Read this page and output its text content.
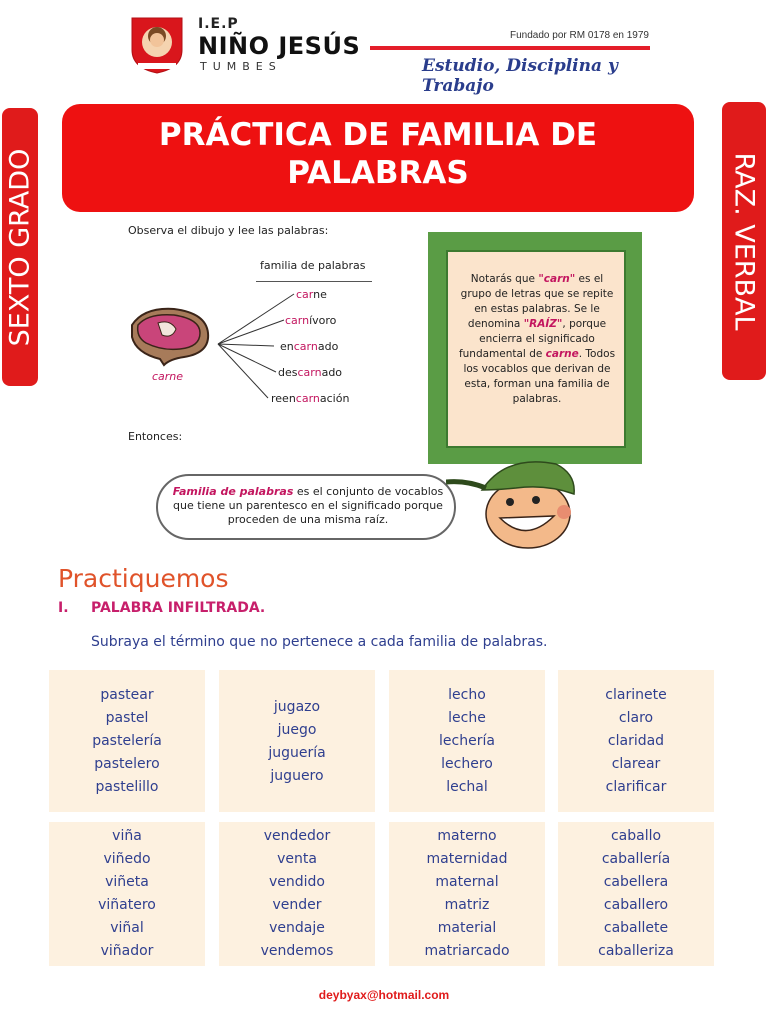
I.E.P
NIÑO JESÚS
TUMBES
Fundado por RM 0178 en 1979
Estudio, Disciplina y Trabajo
SEXTO GRADO	RAZ. VERBAL
PRÁCTICA DE FAMILIA DE
PALABRAS
Observa el dibujo y lee las palabras:
familia de palabras
carne
carne
carnívoro
encarnado
descarnado
reencarnación
Entonces:
Notarás que "carn" es el grupo de letras que se repite en estas palabras. Se le denomina "RAÍZ", porque encierra el significado fundamental de carne. Todos los vocablos que derivan de esta, forman una familia de palabras.
Familia de palabras es el conjunto de vocablos que tiene un parentesco en el significado porque proceden de una misma raíz.
Practiquemos
I. PALABRA INFILTRADA.
Subraya el término que no pertenece a cada familia de palabras.
pastear
pastel
pastelería
pastelero
pastelillo
jugazo
juego
juguería
juguero
lecho
leche
lechería
lechero
lechal
clarinete
claro
claridad
clarear
clarificar
viña
viñedo
viñeta
viñatero
viñal
viñador
vendedor
venta
vendido
vender
vendaje
vendemos
materno
maternidad
maternal
matriz
material
matriarcado
caballo
caballería
cabellera
caballero
caballete
caballeriza
deybyax@hotmail.com
